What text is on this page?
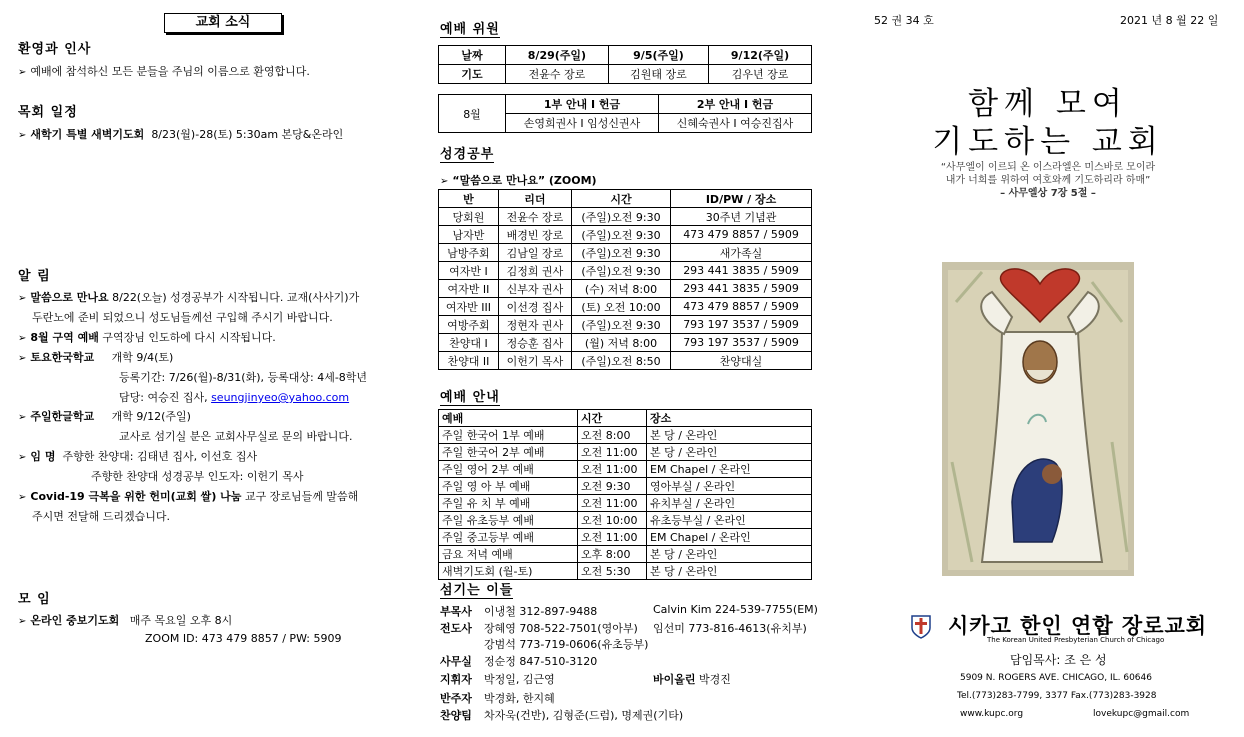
교회 소식
환영과 인사
➢ 예배에 참석하신 모든 분들을 주님의 이름으로 환영합니다.
목회 일정
➢ 새학기 특별 새벽기도회 8/23(월)-28(토) 5:30am 본당&온라인
알 림
➢ 말씀으로 만나요 8/22(오늘) 성경공부가 시작됩니다. 교재(사사기)가
두란노에 준비 되었으니 성도님들께선 구입해 주시기 바랍니다.
➢ 8월 구역 예배 구역장님 인도하에 다시 시작됩니다.
➢ 토요한국학교 개학 9/4(토)
등록기간: 7/26(월)-8/31(화), 등록대상: 4세-8학년
담당: 여승진 집사, seungjinyeo@yahoo.com
➢ 주일한글학교 개학 9/12(주일)
교사로 섬기실 분은 교회사무실로 문의 바랍니다.
➢ 임 명 주향한 찬양대: 김태년 집사, 이선호 집사
주향한 찬양대 성경공부 인도자: 이헌기 목사
➢ Covid-19 극복을 위한 헌미(교회 쌀) 나눔 교구 장로님들께 말씀해
주시면 전달해 드리겠습니다.
모 임
➢ 온라인 중보기도회 매주 목요일 오후 8시
ZOOM ID: 473 479 8857 / PW: 5909
예배 위원
날짜	8/29(주일)	9/5(주일)	9/12(주일)
기도	전윤수 장로	김원태 장로	김우년 장로
8월	1부 안내 I 헌금	2부 안내 I 헌금
	손영희권사 I 임성신권사	신혜숙권사 I 여승진집사
성경공부
➢ “말씀으로 만나요” (ZOOM)
반	리더	시간	ID/PW / 장소
당회원	전윤수 장로	(주일)오전 9:30	30주년 기념관
남자반	배경빈 장로	(주일)오전 9:30	473 479 8857 / 5909
남방주회	김남일 장로	(주일)오전 9:30	새가족실
여자반 I	김정희 권사	(주일)오전 9:30	293 441 3835 / 5909
여자반 II	신부자 권사	(수) 저녁 8:00	293 441 3835 / 5909
여자반 III	이선경 집사	(토) 오전 10:00	473 479 8857 / 5909
여방주회	정현자 권사	(주일)오전 9:30	793 197 3537 / 5909
찬양대 I	정승훈 집사	(월) 저녁 8:00	793 197 3537 / 5909
찬양대 II	이헌기 목사	(주일)오전 8:50	찬양대실
예배 안내
예배	시간	장소
주일 한국어 1부 예배	오전 8:00	본 당 / 온라인
주일 한국어 2부 예배	오전 11:00	본 당 / 온라인
주일 영어 2부 예배	오전 11:00	EM Chapel / 온라인
주일 영 아 부 예배	오전 9:30	영아부실 / 온라인
주일 유 치 부 예배	오전 11:00	유치부실 / 온라인
주일 유초등부 예배	오전 10:00	유초등부실 / 온라인
주일 중고등부 예배	오전 11:00	EM Chapel / 온라인
금요 저녁 예배	오후 8:00	본 당 / 온라인
새벽기도회 (월-토)	오전 5:30	본 당 / 온라인
섬기는 이들
부목사 이냉철 312-897-9488	Calvin Kim 224-539-7755(EM)
전도사 장혜영 708-522-7501(영아부) 임선미 773-816-4613(유치부)
강범석 773-719-0606(유초등부)
사무실 정순정 847-510-3120
지휘자 박정일, 김근영	바이올린 박경진
반주자 박경화, 한지혜
찬양팀 차자욱(건반), 김형준(드럼), 명제권(기타)
52 권 34 호	2021 년 8 월 22 일
함께 모여
기도하는 교회
“사무엘이 이르되 온 이스라엘은 미스바로 모이라
내가 너희를 위하여 여호와께 기도하리라 하매”
– 사무엘상 7장 5절 –
시카고 한인 연합 장로교회
The Korean United Presbyterian Church of Chicago
담임목사: 조 은 성
5909 N. ROGERS AVE. CHICAGO, IL. 60646
Tel.(773)283-7799, 3377 Fax.(773)283-3928
www.kupc.org	lovekupc@gmail.com
